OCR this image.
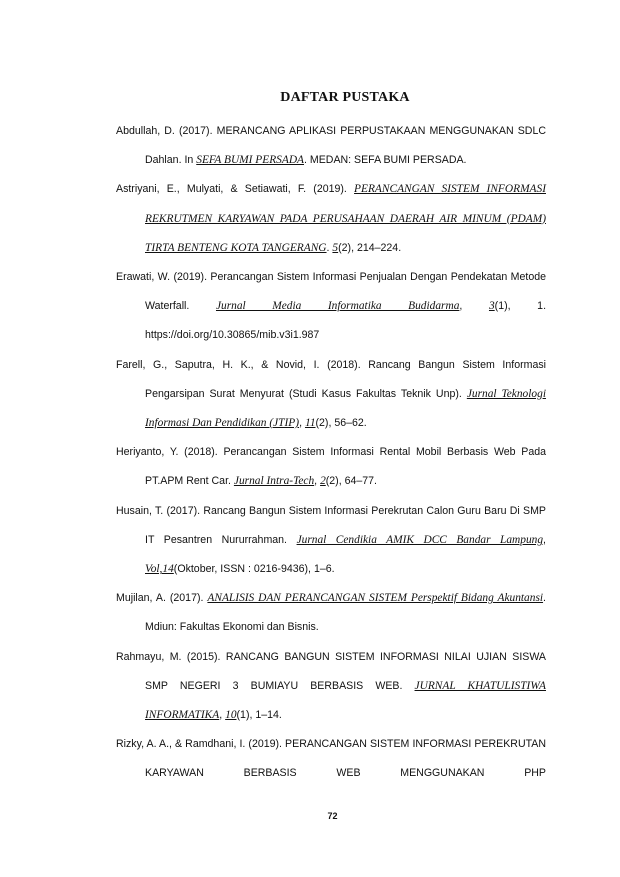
DAFTAR PUSTAKA

Abdullah, D. (2017). MERANCANG APLIKASI PERPUSTAKAAN MENGGUNAKAN SDLC Dahlan. In SEFA BUMI PERSADA. MEDAN: SEFA BUMI PERSADA.

Astriyani, E., Mulyati, & Setiawati, F. (2019). PERANCANGAN SISTEM INFORMASI REKRUTMEN KARYAWAN PADA PERUSAHAAN DAERAH AIR MINUM (PDAM) TIRTA BENTENG KOTA TANGERANG. 5(2), 214–224.

Erawati, W. (2019). Perancangan Sistem Informasi Penjualan Dengan Pendekatan Metode Waterfall. Jurnal Media Informatika Budidarma, 3(1), 1. https://doi.org/10.30865/mib.v3i1.987

Farell, G., Saputra, H. K., & Novid, I. (2018). Rancang Bangun Sistem Informasi Pengarsipan Surat Menyurat (Studi Kasus Fakultas Teknik Unp). Jurnal Teknologi Informasi Dan Pendidikan (JTIP), 11(2), 56–62.

Heriyanto, Y. (2018). Perancangan Sistem Informasi Rental Mobil Berbasis Web Pada PT.APM Rent Car. Jurnal Intra-Tech, 2(2), 64–77.

Husain, T. (2017). Rancang Bangun Sistem Informasi Perekrutan Calon Guru Baru Di SMP IT Pesantren Nururrahman. Jurnal Cendikia AMIK DCC Bandar Lampung, Vol,14(Oktober, ISSN : 0216-9436), 1–6.

Mujilan, A. (2017). ANALISIS DAN PERANCANGAN SISTEM Perspektif Bidang Akuntansi. Mdiun: Fakultas Ekonomi dan Bisnis.

Rahmayu, M. (2015). RANCANG BANGUN SISTEM INFORMASI NILAI UJIAN SISWA SMP NEGERI 3 BUMIAYU BERBASIS WEB. JURNAL KHATULISTIWA INFORMATIKA, 10(1), 1–14.

Rizky, A. A., & Ramdhani, I. (2019). PERANCANGAN SISTEM INFORMASI PEREKRUTAN KARYAWAN BERBASIS WEB MENGGUNAKAN PHP

72
